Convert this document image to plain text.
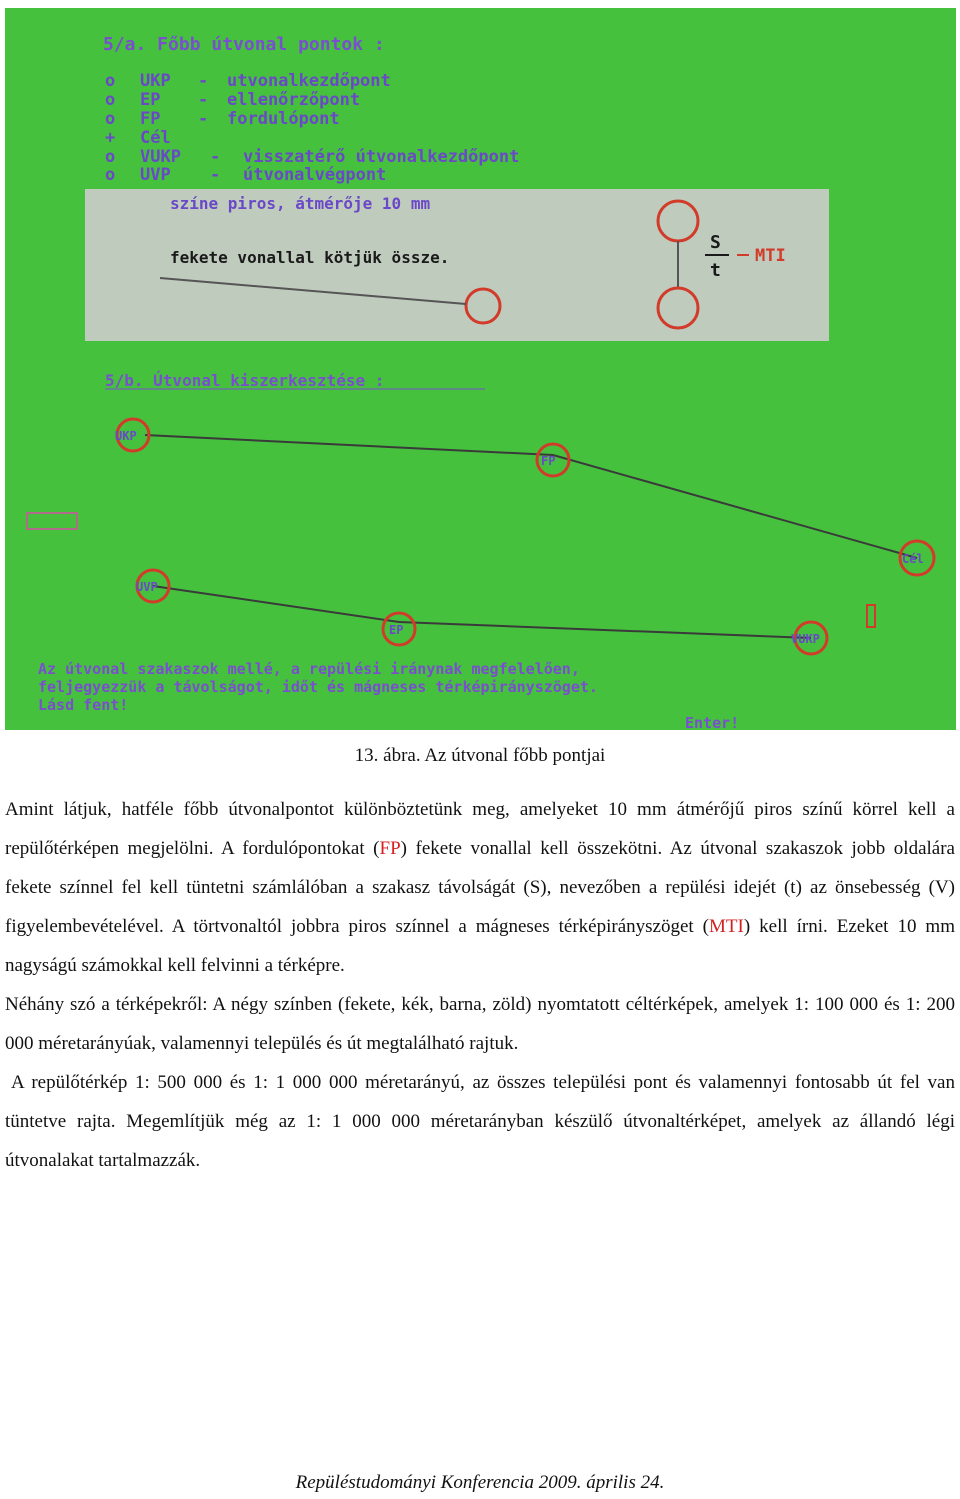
5/a. Főbb útvonal pontok :
o UKP - utvonalkezdőpont
o EP - ellenőrzőpont
o FP - fordulópont
+ Cél
o VUKP - visszatérő útvonalkezdőpont
o UVP - útvonalvégpont
színe piros, átmérője 10 mm
fekete vonallal kötjük össze.
S
t
MTI
5/b. Útvonal kiszerkesztése :
UKP
FP
Cél
UVP
EP
VUKP
Az útvonal szakaszok mellé, a repülési iránynak megfelelően,
feljegyezzük a távolságot, időt és mágneses térképirányszöget.
Lásd fent!
Enter!
13. ábra. Az útvonal főbb pontjai

Amint látjuk, hatféle főbb útvonalpontot különböztetünk meg, amelyeket 10 mm átmérőjű piros színű körrel kell a repülőtérképen megjelölni. A fordulópontokat (FP) fekete vonallal kell összekötni. Az útvonal szakaszok jobb oldalára fekete színnel fel kell tüntetni számlálóban a szakasz távolságát (S), nevezőben a repülési idejét (t) az önsebesség (V) figyelembevételével. A törtvonaltól jobbra piros színnel a mágneses térképirányszöget (MTI) kell írni. Ezeket 10 mm nagyságú számokkal kell felvinni a térképre.

Néhány szó a térképekről: A négy színben (fekete, kék, barna, zöld) nyomtatott céltérképek, amelyek 1: 100 000 és 1: 200 000 méretarányúak, valamennyi település és út megtalálható rajtuk.

A repülőtérkép 1: 500 000 és 1: 1 000 000 méretarányú, az összes települési pont és valamennyi fontosabb út fel van tüntetve rajta. Megemlítjük még az 1: 1 000 000 méretarányban készülő útvonaltérképet, amelyek az állandó légi útvonalakat tartalmazzák.

Repüléstudományi Konferencia 2009. április 24.
